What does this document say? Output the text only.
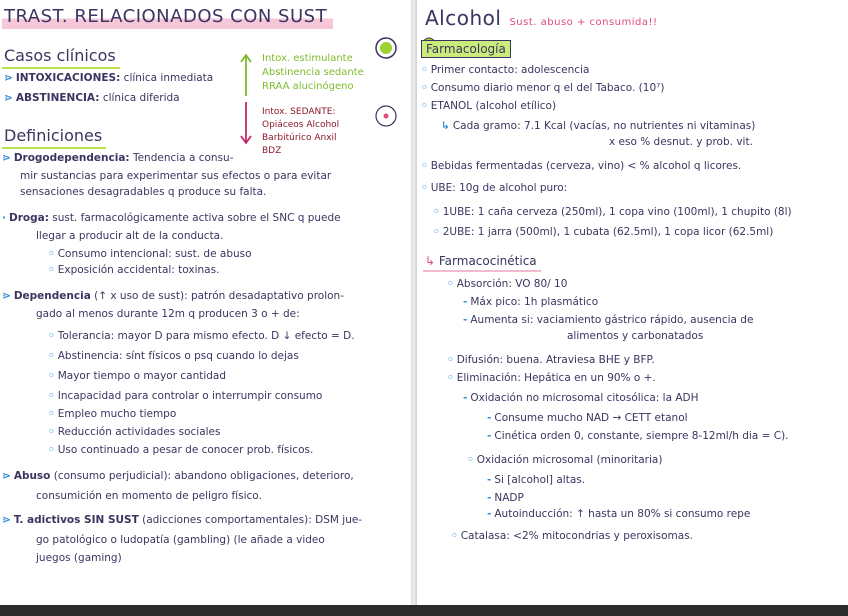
TRAST. RELACIONADOS CON SUST
Casos clínicos
⋗ INTOXICACIONES: clínica inmediata
⋗ ABSTINENCIA: clínica diferida
Intox. estimulante
Abstinencia sedante
RRAA alucinógeno
Intox. SEDANTE:
Opiáceos Alcohol
Barbitúrico Anxil
BDZ
Definiciones
⋗ Drogodependencia: Tendencia a consu-
mir sustancias para experimentar sus efectos o para evitar
sensaciones desagradables q produce su falta.
· Droga: sust. farmacológicamente activa sobre el SNC q puede
llegar a producir alt de la conducta.
◦ Consumo intencional: sust. de abuso
◦ Exposición accidental: toxinas.
⋗ Dependencia (↑ x uso de sust): patrón desadaptativo prolon-
gado al menos durante 12m q producen 3 o + de:
◦ Tolerancia: mayor D para mismo efecto. D ↓ efecto = D.
◦ Abstinencia: sínt físicos o psq cuando lo dejas
◦ Mayor tiempo o mayor cantidad
◦ Incapacidad para controlar o interrumpir consumo
◦ Empleo mucho tiempo
◦ Reducción actividades sociales
◦ Uso continuado a pesar de conocer prob. físicos.
⋗ Abuso (consumo perjudicial): abandono obligaciones, deterioro,
consumición en momento de peligro físico.
⋗ T. adictivos SIN SUST (adicciones comportamentales): DSM jue-
go patológico o ludopatía (gambling) (le añade a video
juegos (gaming)
Alcohol Sust. abuso + consumida!!
Farmacología
◦ Primer contacto: adolescencia
◦ Consumo diario menor q el del Tabaco. (10⁷)
◦ ETANOL (alcohol etílico)
↳ Cada gramo: 7.1 Kcal (vacías, no nutrientes ni vitaminas)
x eso % desnut. y prob. vit.
◦ Bebidas fermentadas (cerveza, vino) < % alcohol q licores.
◦ UBE: 10g de alcohol puro:
◦ 1UBE: 1 caña cerveza (250ml), 1 copa vino (100ml), 1 chupito (8l)
◦ 2UBE: 1 jarra (500ml), 1 cubata (62.5ml), 1 copa licor (62.5ml)
↳ Farmacocinética
◦ Absorción: VO 80/ 10
- Máx pico: 1h plasmático
- Aumenta si: vaciamiento gástrico rápido, ausencia de
alimentos y carbonatados
◦ Difusión: buena. Atraviesa BHE y BFP.
◦ Eliminación: Hepática en un 90% o +.
- Oxidación no microsomal citosólica: la ADH
- Consume mucho NAD → CETT etanol
- Cinética orden 0, constante, siempre 8-12ml/h dia = C).
◦ Oxidación microsomal (minoritaria)
- Si [alcohol] altas.
- NADP
- Autoinducción: ↑ hasta un 80% si consumo repe
◦ Catalasa: <2% mitocondrias y peroxisomas.
